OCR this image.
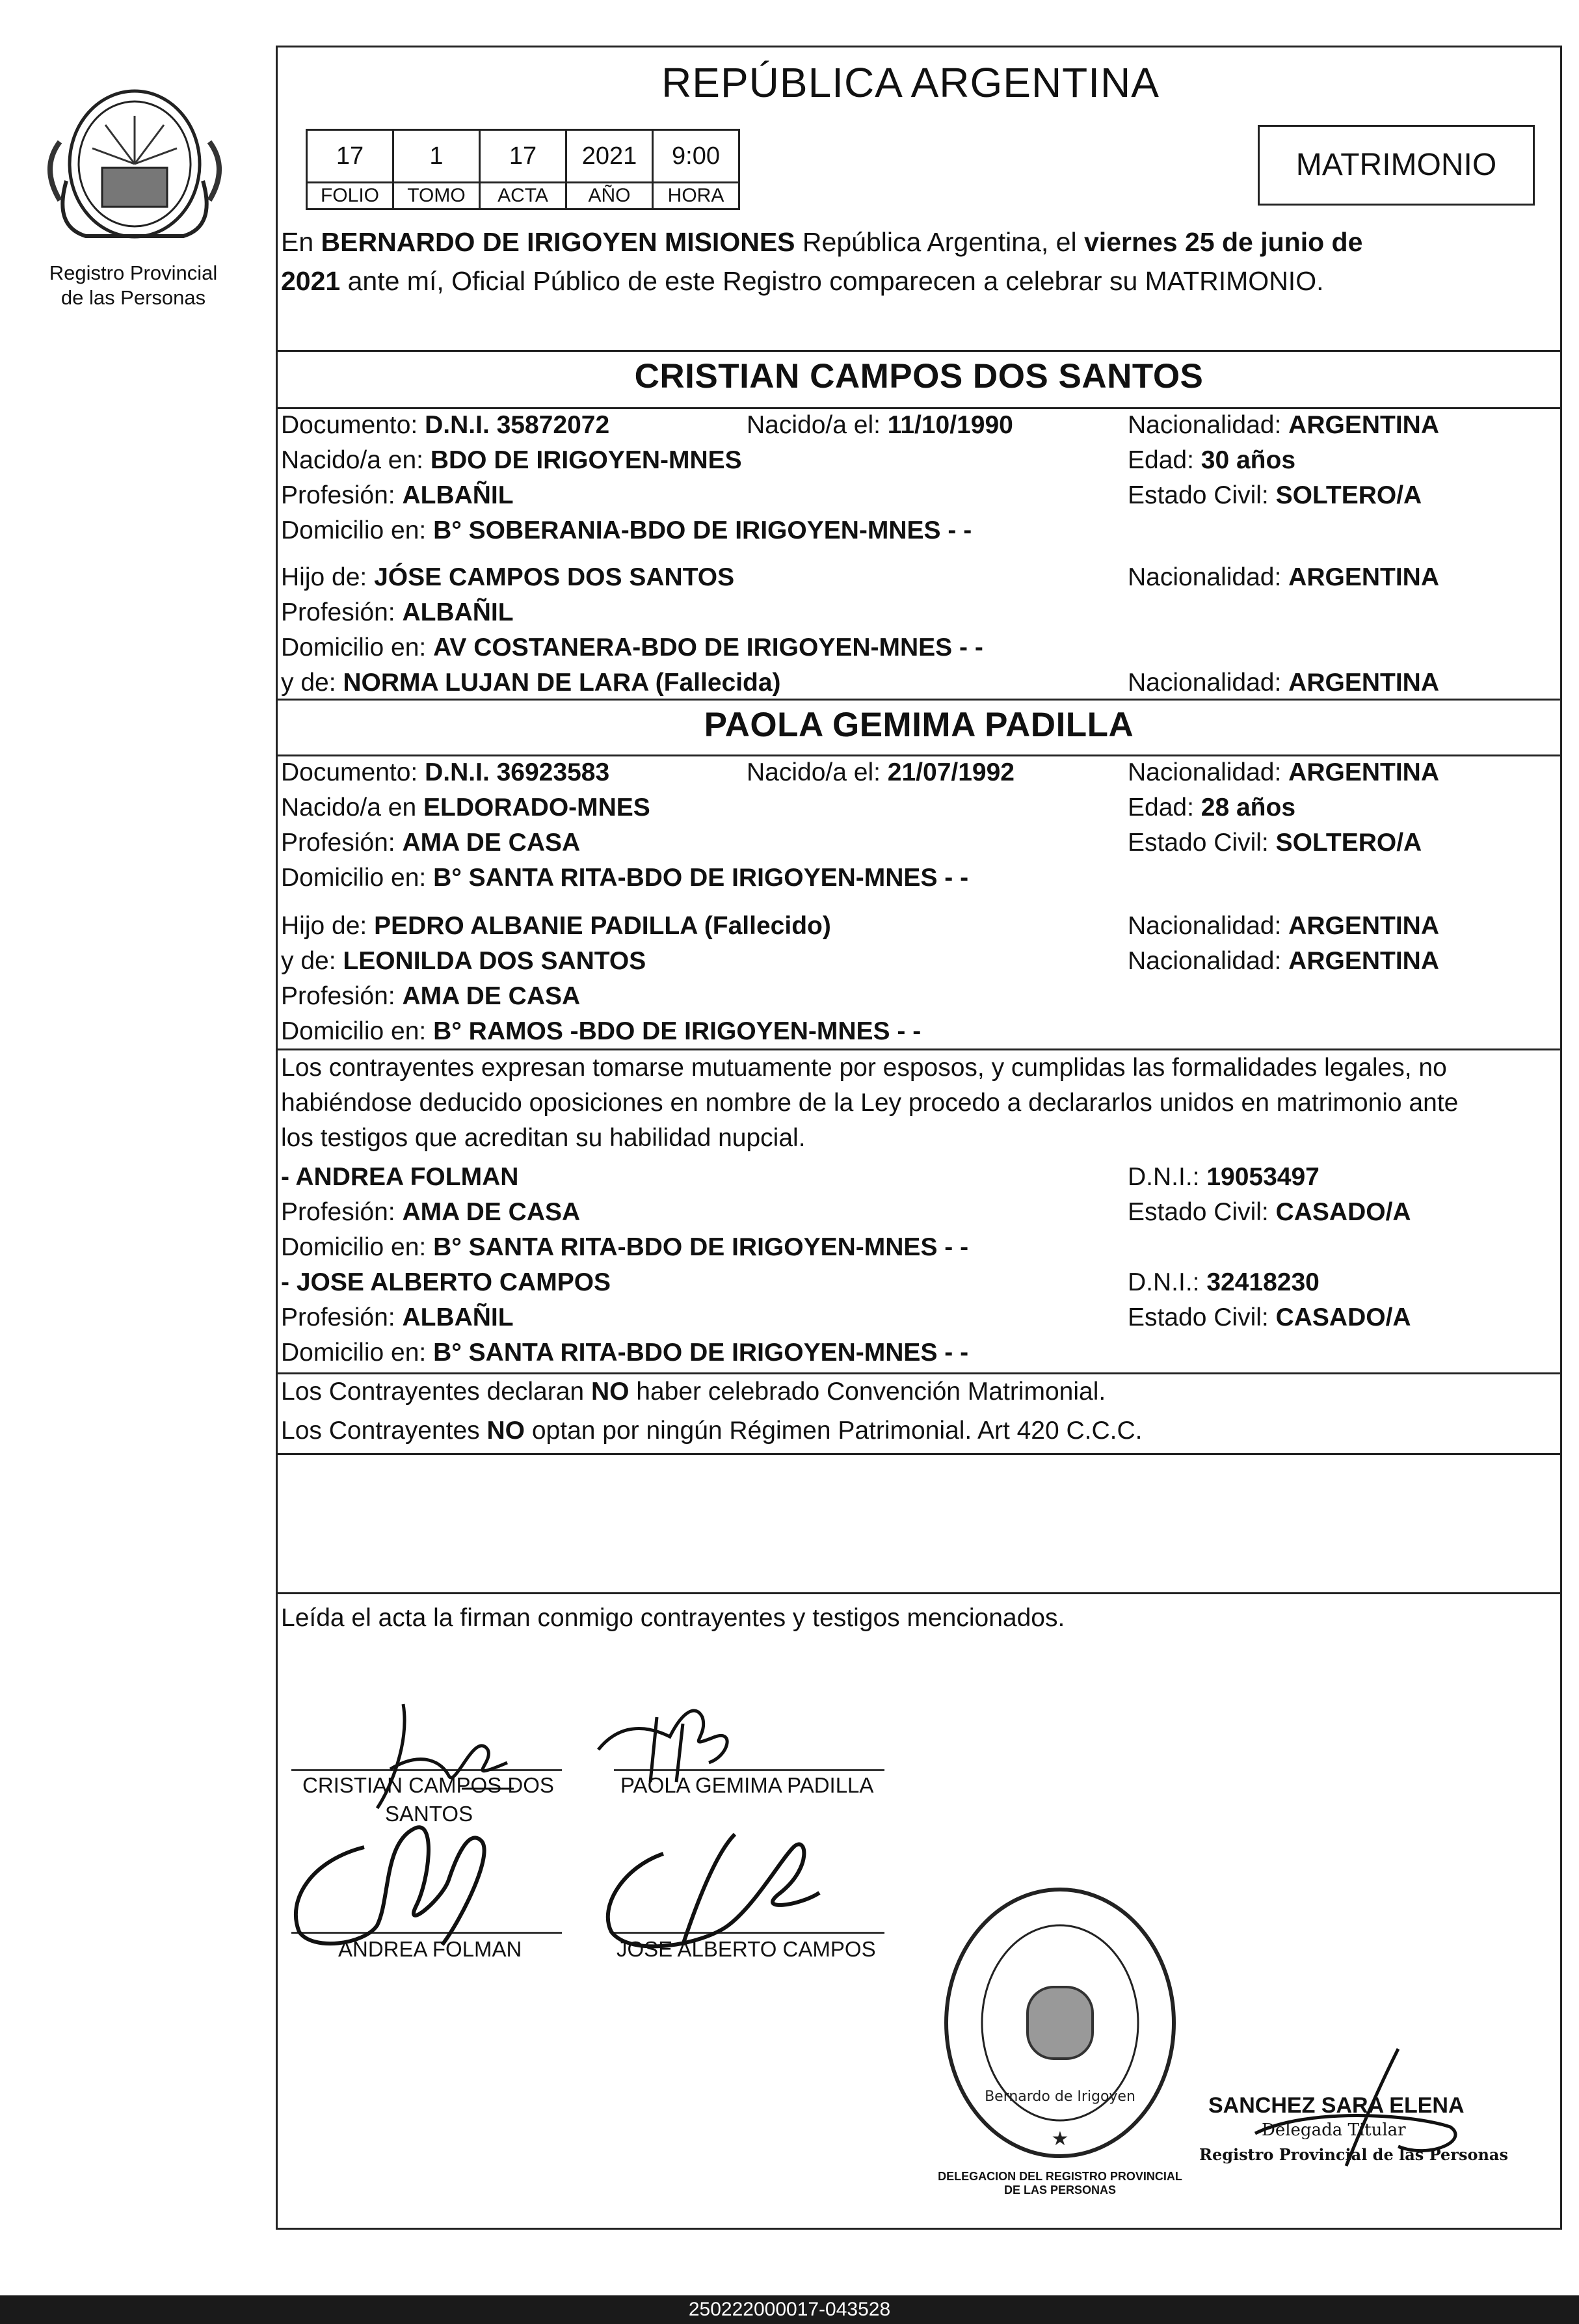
Registro Provincial
de las Personas
REPÚBLICA ARGENTINA
17	1	17	2021	9:00
FOLIO	TOMO	ACTA	AÑO	HORA
MATRIMONIO
En BERNARDO DE IRIGOYEN MISIONES República Argentina, el viernes 25 de junio de
2021 ante mí, Oficial Público de este Registro comparecen a celebrar su MATRIMONIO.
CRISTIAN CAMPOS DOS SANTOS
Documento: D.N.I. 35872072	Nacido/a el: 11/10/1990	Nacionalidad: ARGENTINA
Nacido/a en: BDO DE IRIGOYEN-MNES	Edad: 30 años
Profesión: ALBAÑIL	Estado Civil: SOLTERO/A
Domicilio en: B° SOBERANIA-BDO DE IRIGOYEN-MNES - -
Hijo de: JÓSE CAMPOS DOS SANTOS	Nacionalidad: ARGENTINA
Profesión: ALBAÑIL
Domicilio en: AV COSTANERA-BDO DE IRIGOYEN-MNES - -
y de: NORMA LUJAN DE LARA (Fallecida)	Nacionalidad: ARGENTINA
PAOLA GEMIMA PADILLA
Documento: D.N.I. 36923583	Nacido/a el: 21/07/1992	Nacionalidad: ARGENTINA
Nacido/a en ELDORADO-MNES	Edad: 28 años
Profesión: AMA DE CASA	Estado Civil: SOLTERO/A
Domicilio en: B° SANTA RITA-BDO DE IRIGOYEN-MNES - -
Hijo de: PEDRO ALBANIE PADILLA (Fallecido)	Nacionalidad: ARGENTINA
y de: LEONILDA DOS SANTOS	Nacionalidad: ARGENTINA
Profesión: AMA DE CASA
Domicilio en: B° RAMOS -BDO DE IRIGOYEN-MNES - -
Los contrayentes expresan tomarse mutuamente por esposos, y cumplidas las formalidades legales, no
habiéndose deducido oposiciones en nombre de la Ley procedo a declararlos unidos en matrimonio ante
los testigos que acreditan su habilidad nupcial.
- ANDREA FOLMAN	D.N.I.: 19053497
Profesión: AMA DE CASA	Estado Civil: CASADO/A
Domicilio en: B° SANTA RITA-BDO DE IRIGOYEN-MNES - -
- JOSE ALBERTO CAMPOS	D.N.I.: 32418230
Profesión: ALBAÑIL	Estado Civil: CASADO/A
Domicilio en: B° SANTA RITA-BDO DE IRIGOYEN-MNES - -
Los Contrayentes declaran NO haber celebrado Convención Matrimonial.
Los Contrayentes NO optan por ningún Régimen Patrimonial. Art 420 C.C.C.
Leída el acta la firman conmigo contrayentes y testigos mencionados.
CRISTIAN CAMPOS DOS
SANTOS
PAOLA GEMIMA PADILLA
ANDREA FOLMAN	JOSE ALBERTO CAMPOS
Bernardo de Irigoyen
★
DELEGACION DEL REGISTRO PROVINCIAL DE LAS PERSONAS
SANCHEZ SARA ELENA
Delegada Titular
Registro Provincial de las Personas
250222000017-043528
